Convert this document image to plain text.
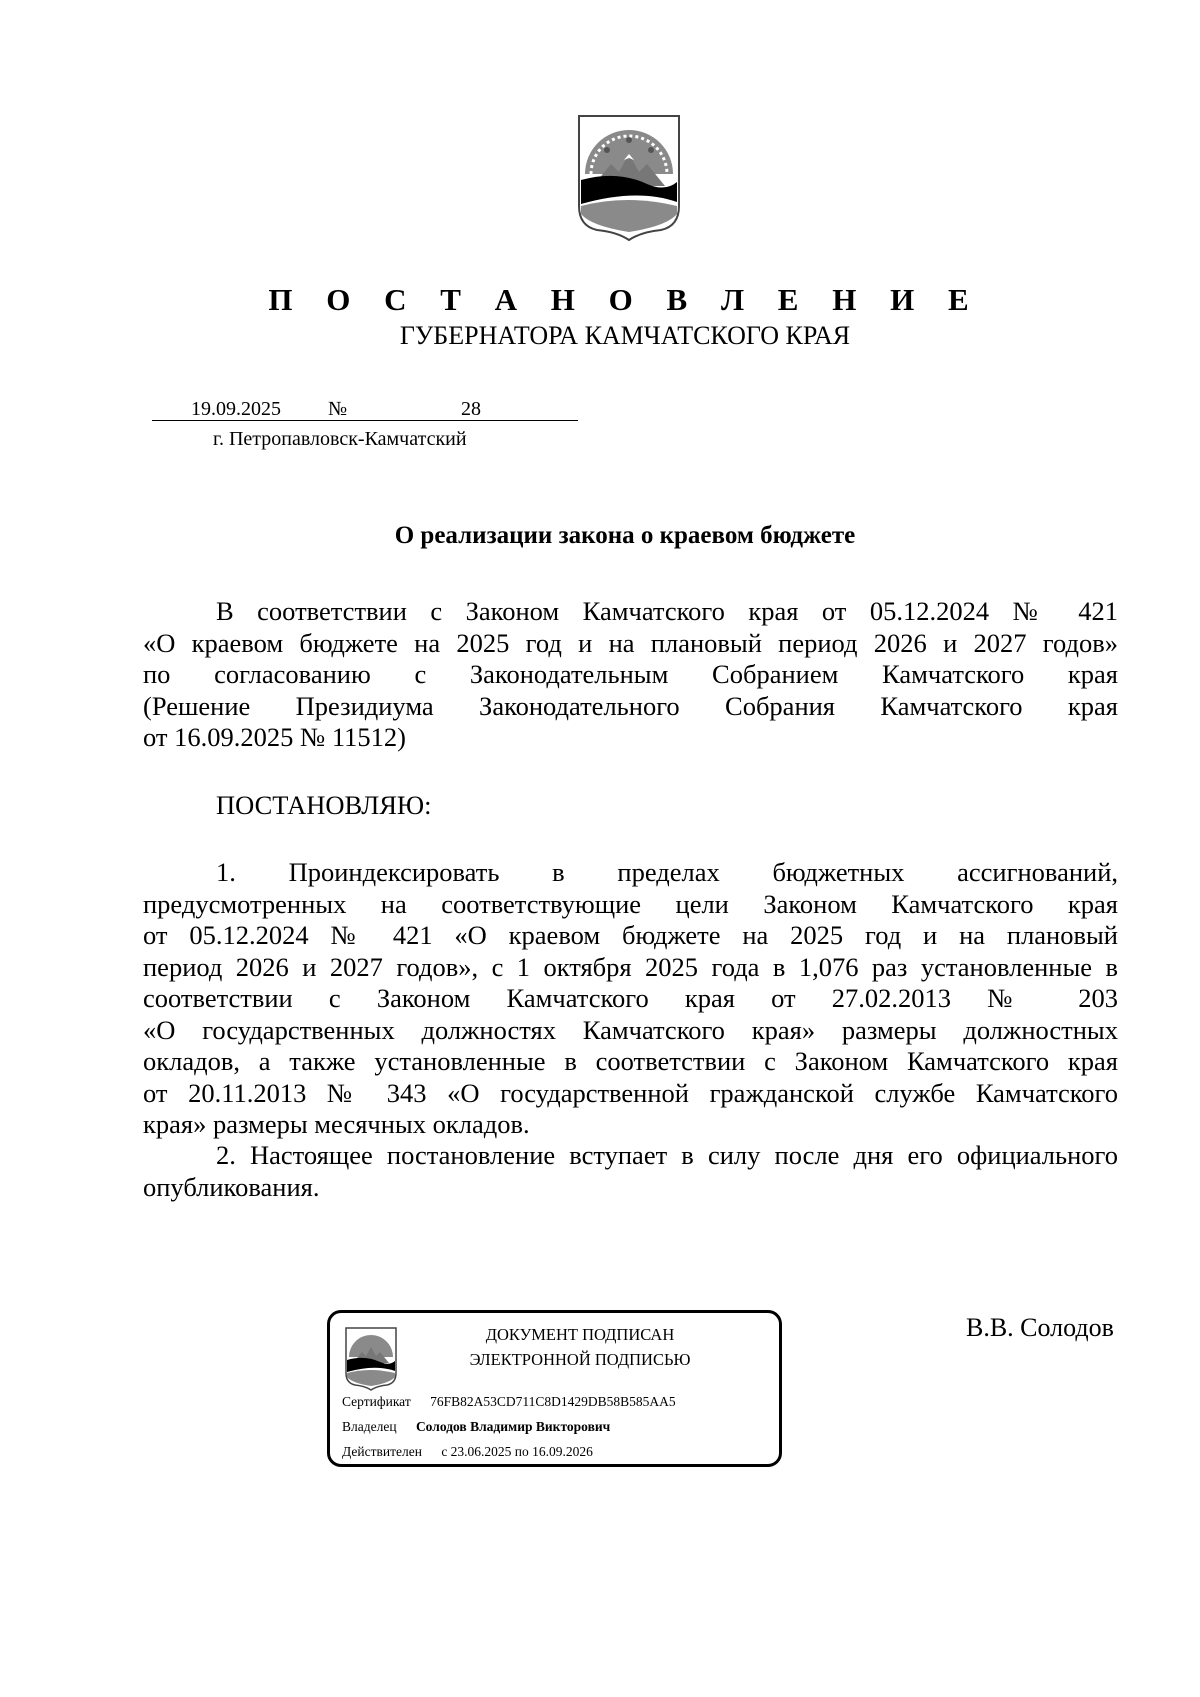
П О С Т А Н О В Л Е Н И Е
ГУБЕРНАТОРА КАМЧАТСКОГО КРАЯ
19.09.2025 №	28
г. Петропавловск-Камчатский
О реализации закона о краевом бюджете
В соответствии с Законом Камчатского края от 05.12.2024 № 421
«О краевом бюджете на 2025 год и на плановый период 2026 и 2027 годов»
по согласованию с Законодательным Собранием Камчатского края
(Решение Президиума Законодательного Собрания Камчатского края
от 16.09.2025 № 11512)
ПОСТАНОВЛЯЮ:
1. Проиндексировать в пределах бюджетных ассигнований,
предусмотренных на соответствующие цели Законом Камчатского края
от 05.12.2024 № 421 «О краевом бюджете на 2025 год и на плановый
период 2026 и 2027 годов», с 1 октября 2025 года в 1,076 раз установленные в
соответствии с Законом Камчатского края от 27.02.2013 № 203
«О государственных должностях Камчатского края» размеры должностных
окладов, а также установленные в соответствии с Законом Камчатского края
от 20.11.2013 № 343 «О государственной гражданской службе Камчатского
края» размеры месячных окладов.
2. Настоящее постановление вступает в силу после дня его официального
опубликования.
ДОКУМЕНТ ПОДПИСАН
ЭЛЕКТРОННОЙ ПОДПИСЬЮ
Сертификат 76FB82A53CD711C8D1429DB58B585AA5
Владелец Солодов Владимир Викторович
Действителен с 23.06.2025 по 16.09.2026
В.В. Солодов
